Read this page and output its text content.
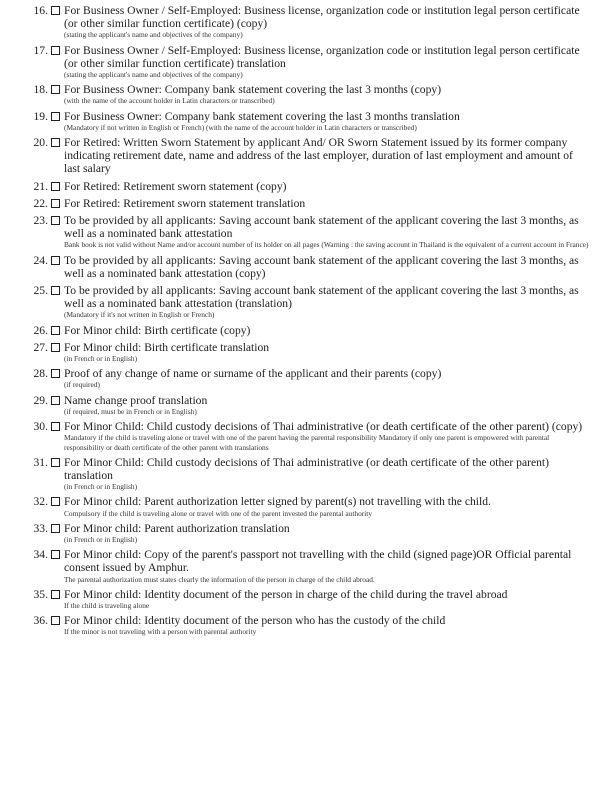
16. For Business Owner / Self-Employed: Business license, organization code or institution legal person certificate (or other similar function certificate) (copy)
(stating the applicant's name and objectives of the company)
17. For Business Owner / Self-Employed: Business license, organization code or institution legal person certificate (or other similar function certificate) translation
(stating the applicant's name and objectives of the company)
18. For Business Owner: Company bank statement covering the last 3 months (copy)
(with the name of the account holder in Latin characters or transcribed)
19. For Business Owner: Company bank statement covering the last 3 months translation
(Mandatory if not written in English or French) (with the name of the account holder in Latin characters or transcribed)
20. For Retired: Written Sworn Statement by applicant And/ OR Sworn Statement issued by its former company indicating retirement date, name and address of the last employer, duration of last employment and amount of last salary
21. For Retired: Retirement sworn statement (copy)
22. For Retired: Retirement sworn statement translation
23. To be provided by all applicants: Saving account bank statement of the applicant covering the last 3 months, as well as a nominated bank attestation
Bank book is not valid without Name and/or account number of its holder on all pages (Warning : the saving account in Thailand is the equivalent of a current account in France)
24. To be provided by all applicants: Saving account bank statement of the applicant covering the last 3 months, as well as a nominated bank attestation (copy)
25. To be provided by all applicants: Saving account bank statement of the applicant covering the last 3 months, as well as a nominated bank attestation (translation)
(Mandatory if it's not written in English or French)
26. For Minor child: Birth certificate (copy)
27. For Minor child: Birth certificate translation
(in French or in English)
28. Proof of any change of name or surname of the applicant and their parents (copy)
(if required)
29. Name change proof translation
(if required, must be in French or in English)
30. For Minor Child: Child custody decisions of Thai administrative (or death certificate of the other parent) (copy)
Mandatory if the child is traveling alone or travel with one of the parent having the parental responsibility Mandatory if only one parent is empowered with parental responsibility or death certificate of the other parent with translations
31. For Minor Child: Child custody decisions of Thai administrative (or death certificate of the other parent) translation
(in French or in English)
32. For Minor child: Parent authorization letter signed by parent(s) not travelling with the child.
Compulsory if the child is traveling alone or travel with one of the parent invested the parental authority
33. For Minor child: Parent authorization translation
(in French or in English)
34. For Minor child: Copy of the parent's passport not travelling with the child (signed page)OR Official parental consent issued by Amphur.
The parental authorization must states clearly the information of the person in charge of the child abroad.
35. For Minor child: Identity document of the person in charge of the child during the travel abroad
If the child is traveling alone
36. For Minor child: Identity document of the person who has the custody of the child
If the minor is not traveling with a person with parental authority
